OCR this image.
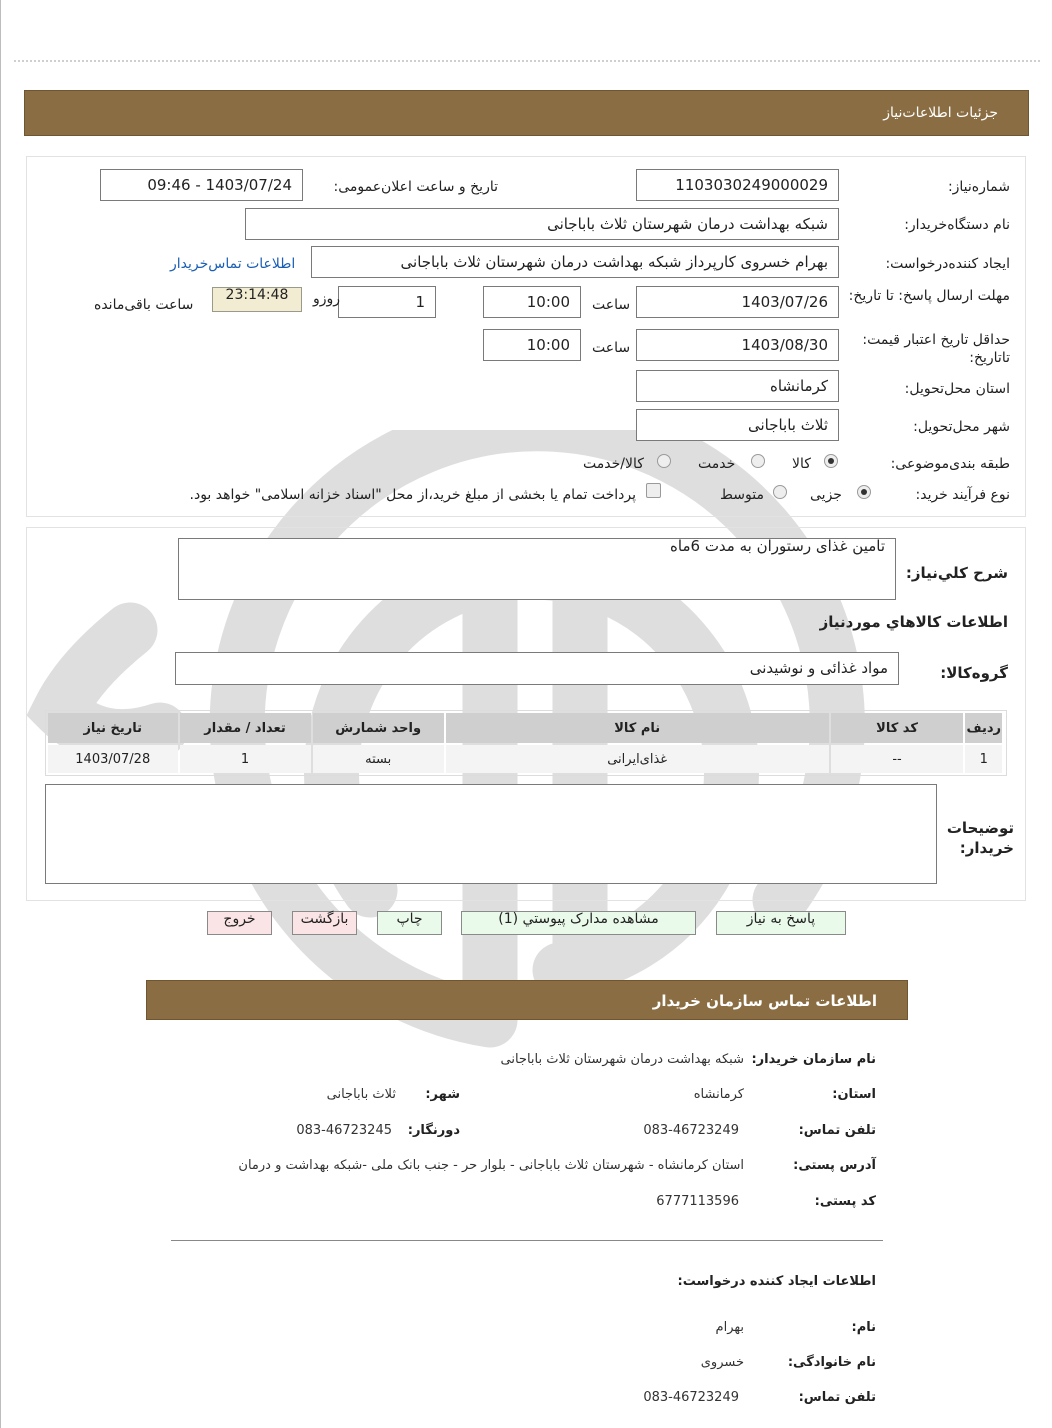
جزئیات اطلاعات‌نیاز
شماره‌نیاز:
1103030249000029
تاریخ و ساعت اعلان‌عمومی:
1403/07/24 - 09:46
نام دستگاه‌خریدار:
شبکه بهداشت درمان شهرستان ثلاث باباجانی
ایجاد کننده‌درخواست:
بهرام خسروی کارپرداز شبکه بهداشت درمان شهرستان ثلاث باباجانی
اطلاعات تماس‌خریدار
مهلت ارسال پاسخ: تا تاریخ:
1403/07/26
ساعت
10:00
1
روزو
23:14:48
ساعت باقی‌مانده
حداقل تاریخ اعتبار قیمت: تاتاریخ:
1403/08/30
ساعت
10:00
استان محل‌تحویل:
کرمانشاه
شهر محل‌تحویل:
ثلاث باباجانی
طبقه بندی‌موضوعی:
کالا
خدمت
کالا/خدمت
نوع فرآیند خرید:
جزیی
متوسط
پرداخت تمام یا بخشی از مبلغ خرید،از محل "اسناد خزانه اسلامی" خواهد بود.
شرح کلي‌نیاز:
تامین غذای رستوران به مدت 6ماه
اطلاعات کالاهاي موردنیاز
گروه‌کالا:
مواد غذائی و نوشیدنی
ردیف	کد کالا	نام کالا	واحد شمارش	تعداد / مقدار	تاریخ نیاز
1	--	غذای‌ایرانی	بسته	1	1403/07/28
توضیحات خریدار:
پاسخ به نیاز
مشاهده مدارک پیوستي (1)
چاپ
بازگشت
خروج
اطلاعات تماس سازمان خریدار
نام سازمان خریدار:
شبکه بهداشت درمان شهرستان ثلاث باباجانی
استان:
کرمانشاه
شهر:
ثلاث باباجانی
تلفن تماس:
083-46723249
دورنگار:
083-46723245
آدرس پستی:
استان کرمانشاه - شهرستان ثلاث باباجانی - بلوار حر - جنب بانک ملی -شبکه بهداشت و درمان
کد پستی:
6777113596
اطلاعات ایجاد کننده درخواست:
نام:
بهرام
نام خانوادگی:
خسروی
تلفن تماس:
083-46723249
